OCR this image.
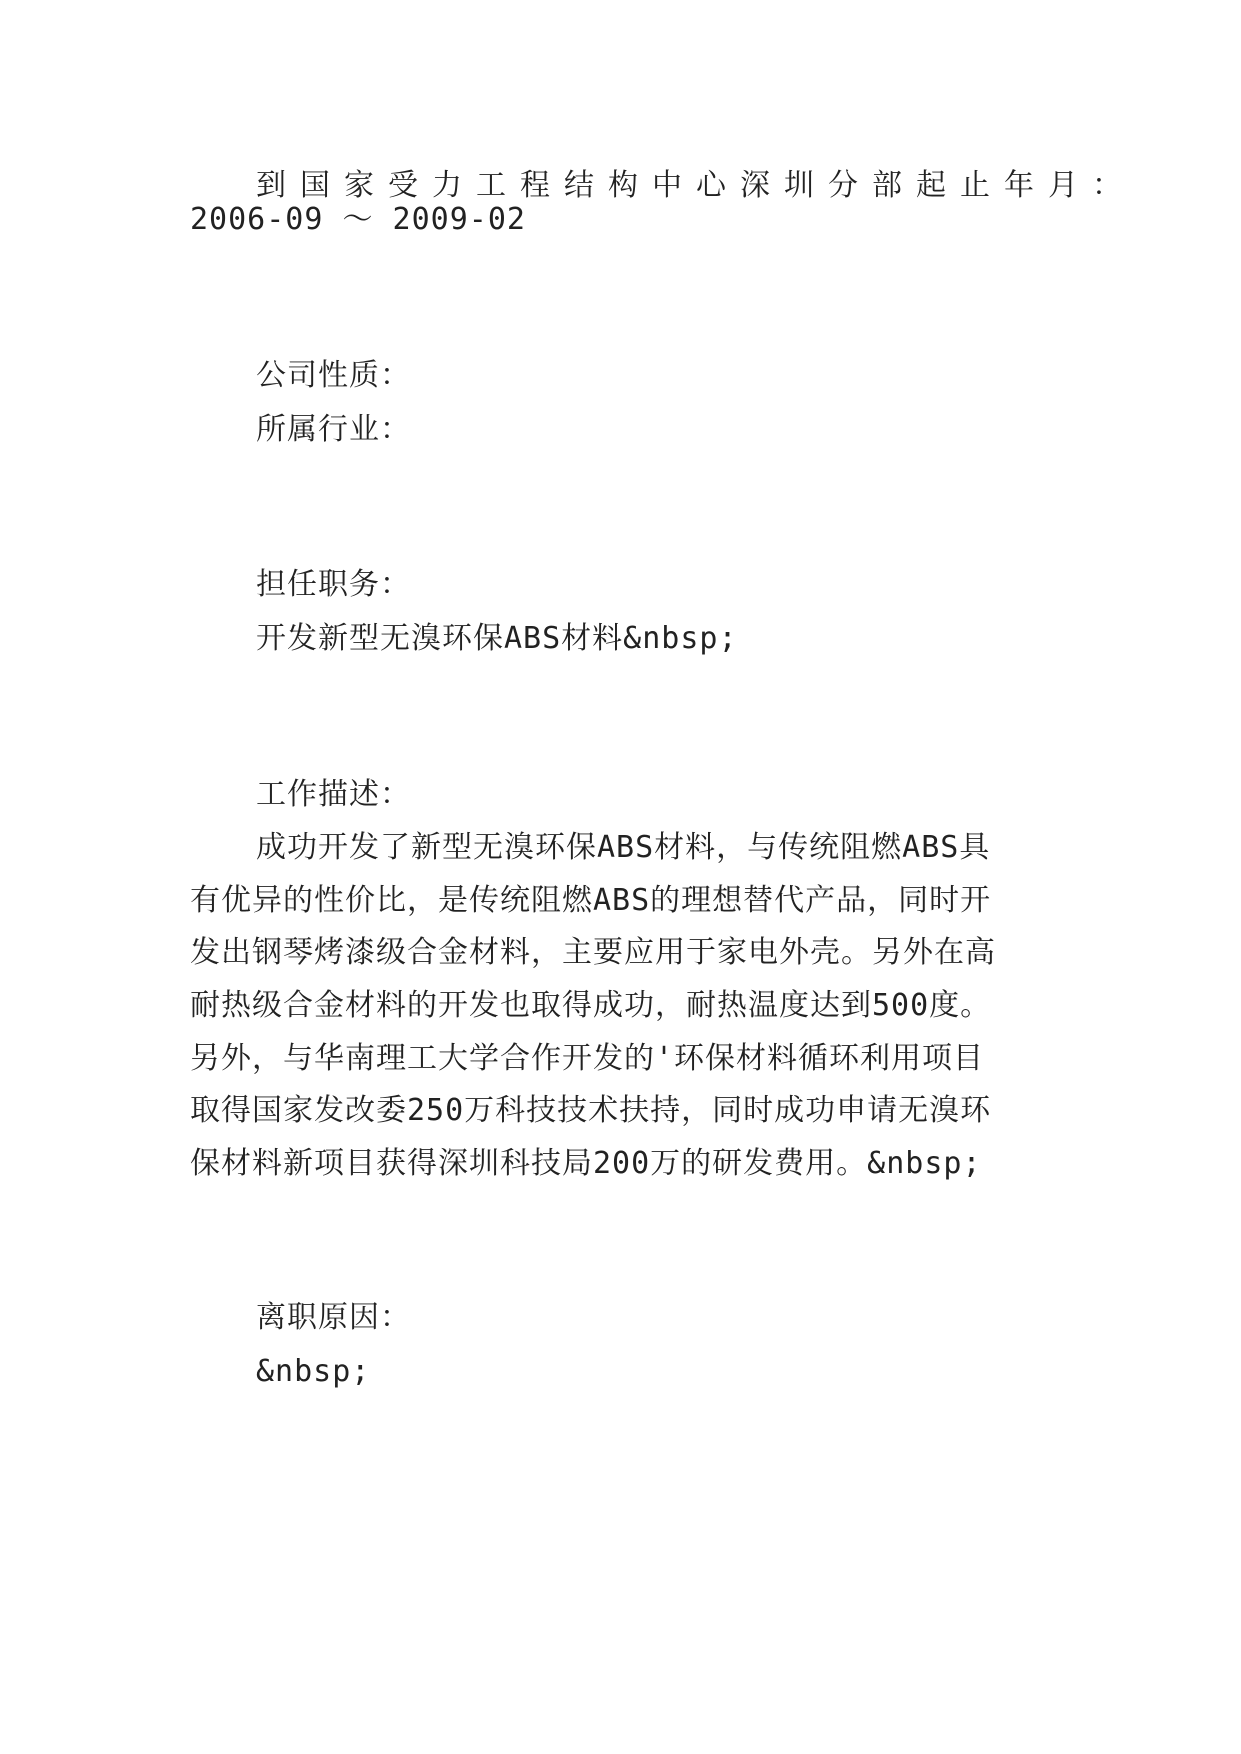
到国家受力工程结构中心深圳分部起止年月：
2006-09 ～ 2009-02
公司性质：
所属行业：
担任职务：
开发新型无溴环保ABS材料&nbsp;
工作描述：
成功开发了新型无溴环保ABS材料，与传统阻燃ABS具
有优异的性价比，是传统阻燃ABS的理想替代产品，同时开
发出钢琴烤漆级合金材料，主要应用于家电外壳。另外在高
耐热级合金材料的开发也取得成功，耐热温度达到500度。
另外，与华南理工大学合作开发的'环保材料循环利用项目
取得国家发改委250万科技技术扶持，同时成功申请无溴环
保材料新项目获得深圳科技局200万的研发费用。&nbsp;
离职原因：
&nbsp;
